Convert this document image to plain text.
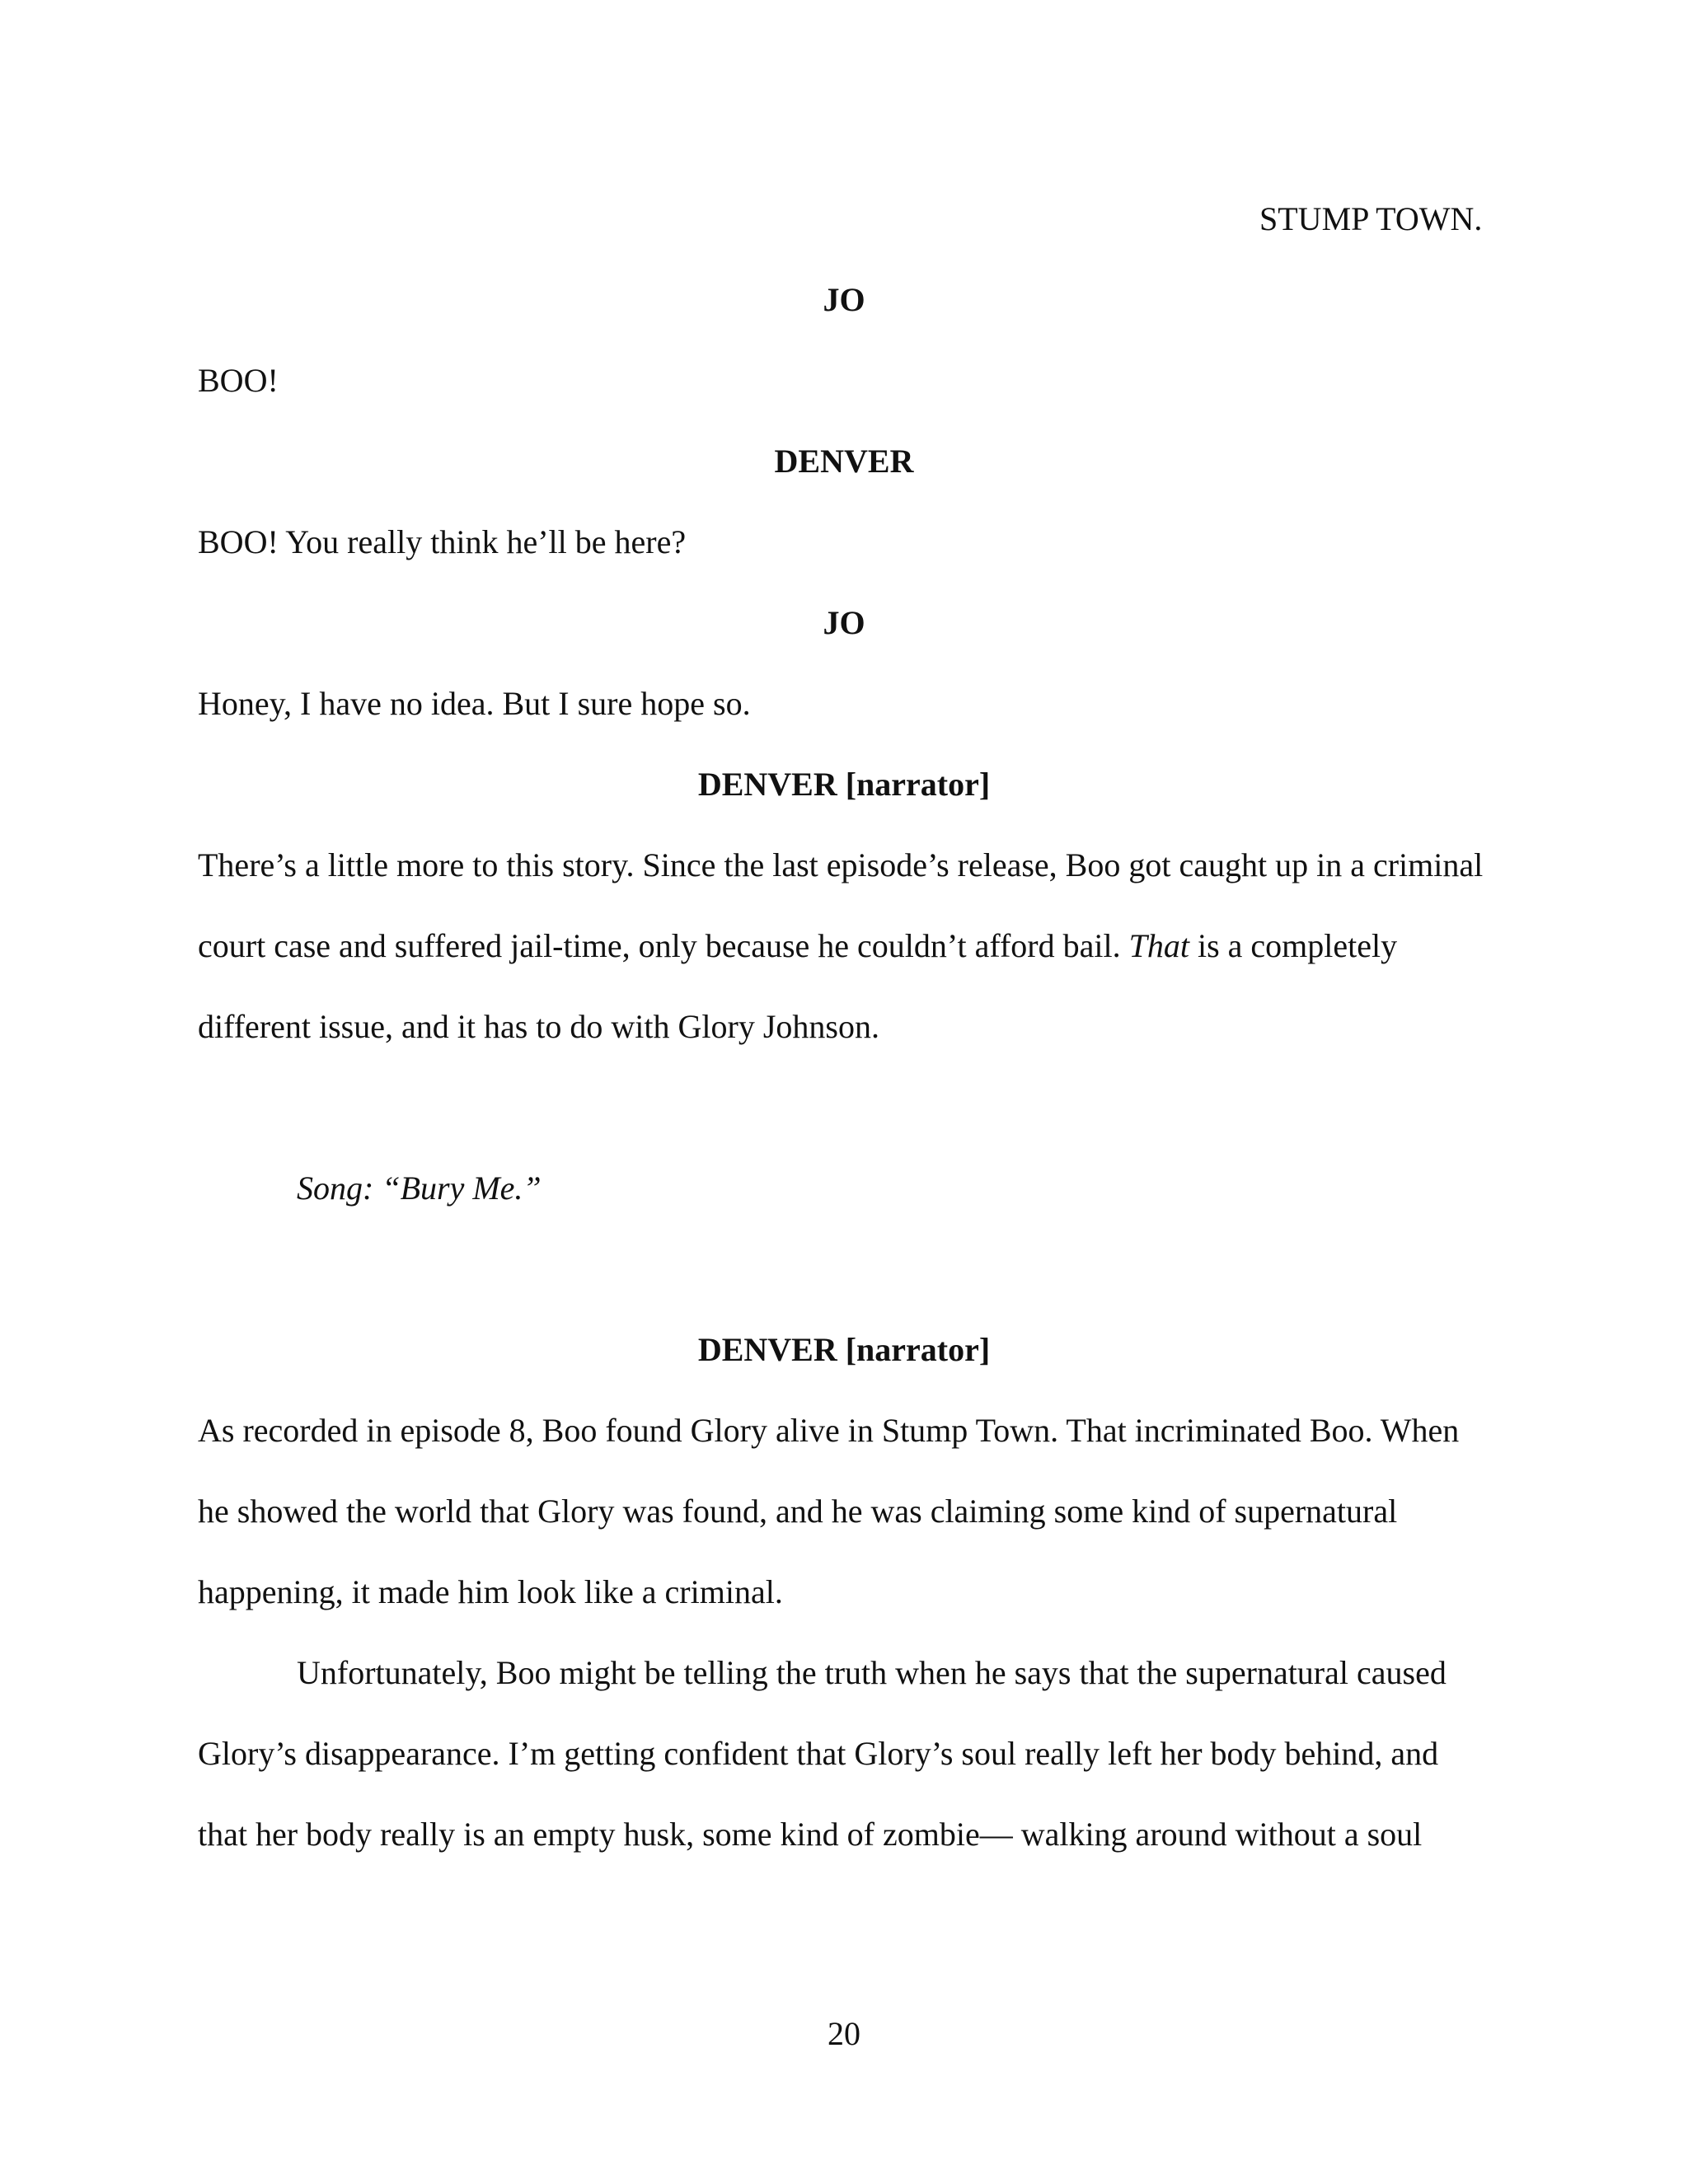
STUMP TOWN.
JO
BOO!
DENVER
BOO! You really think he’ll be here?
JO
Honey, I have no idea. But I sure hope so.
DENVER [narrator]
There’s a little more to this story. Since the last episode’s release, Boo got caught up in a criminal
court case and suffered jail-time, only because he couldn’t afford bail. That is a completely
different issue, and it has to do with Glory Johnson.
Song: “Bury Me.”
DENVER [narrator]
As recorded in episode 8, Boo found Glory alive in Stump Town. That incriminated Boo. When
he showed the world that Glory was found, and he was claiming some kind of supernatural
happening, it made him look like a criminal.
Unfortunately, Boo might be telling the truth when he says that the supernatural caused
Glory’s disappearance. I’m getting confident that Glory’s soul really left her body behind, and
that her body really is an empty husk, some kind of zombie— walking around without a soul
20
